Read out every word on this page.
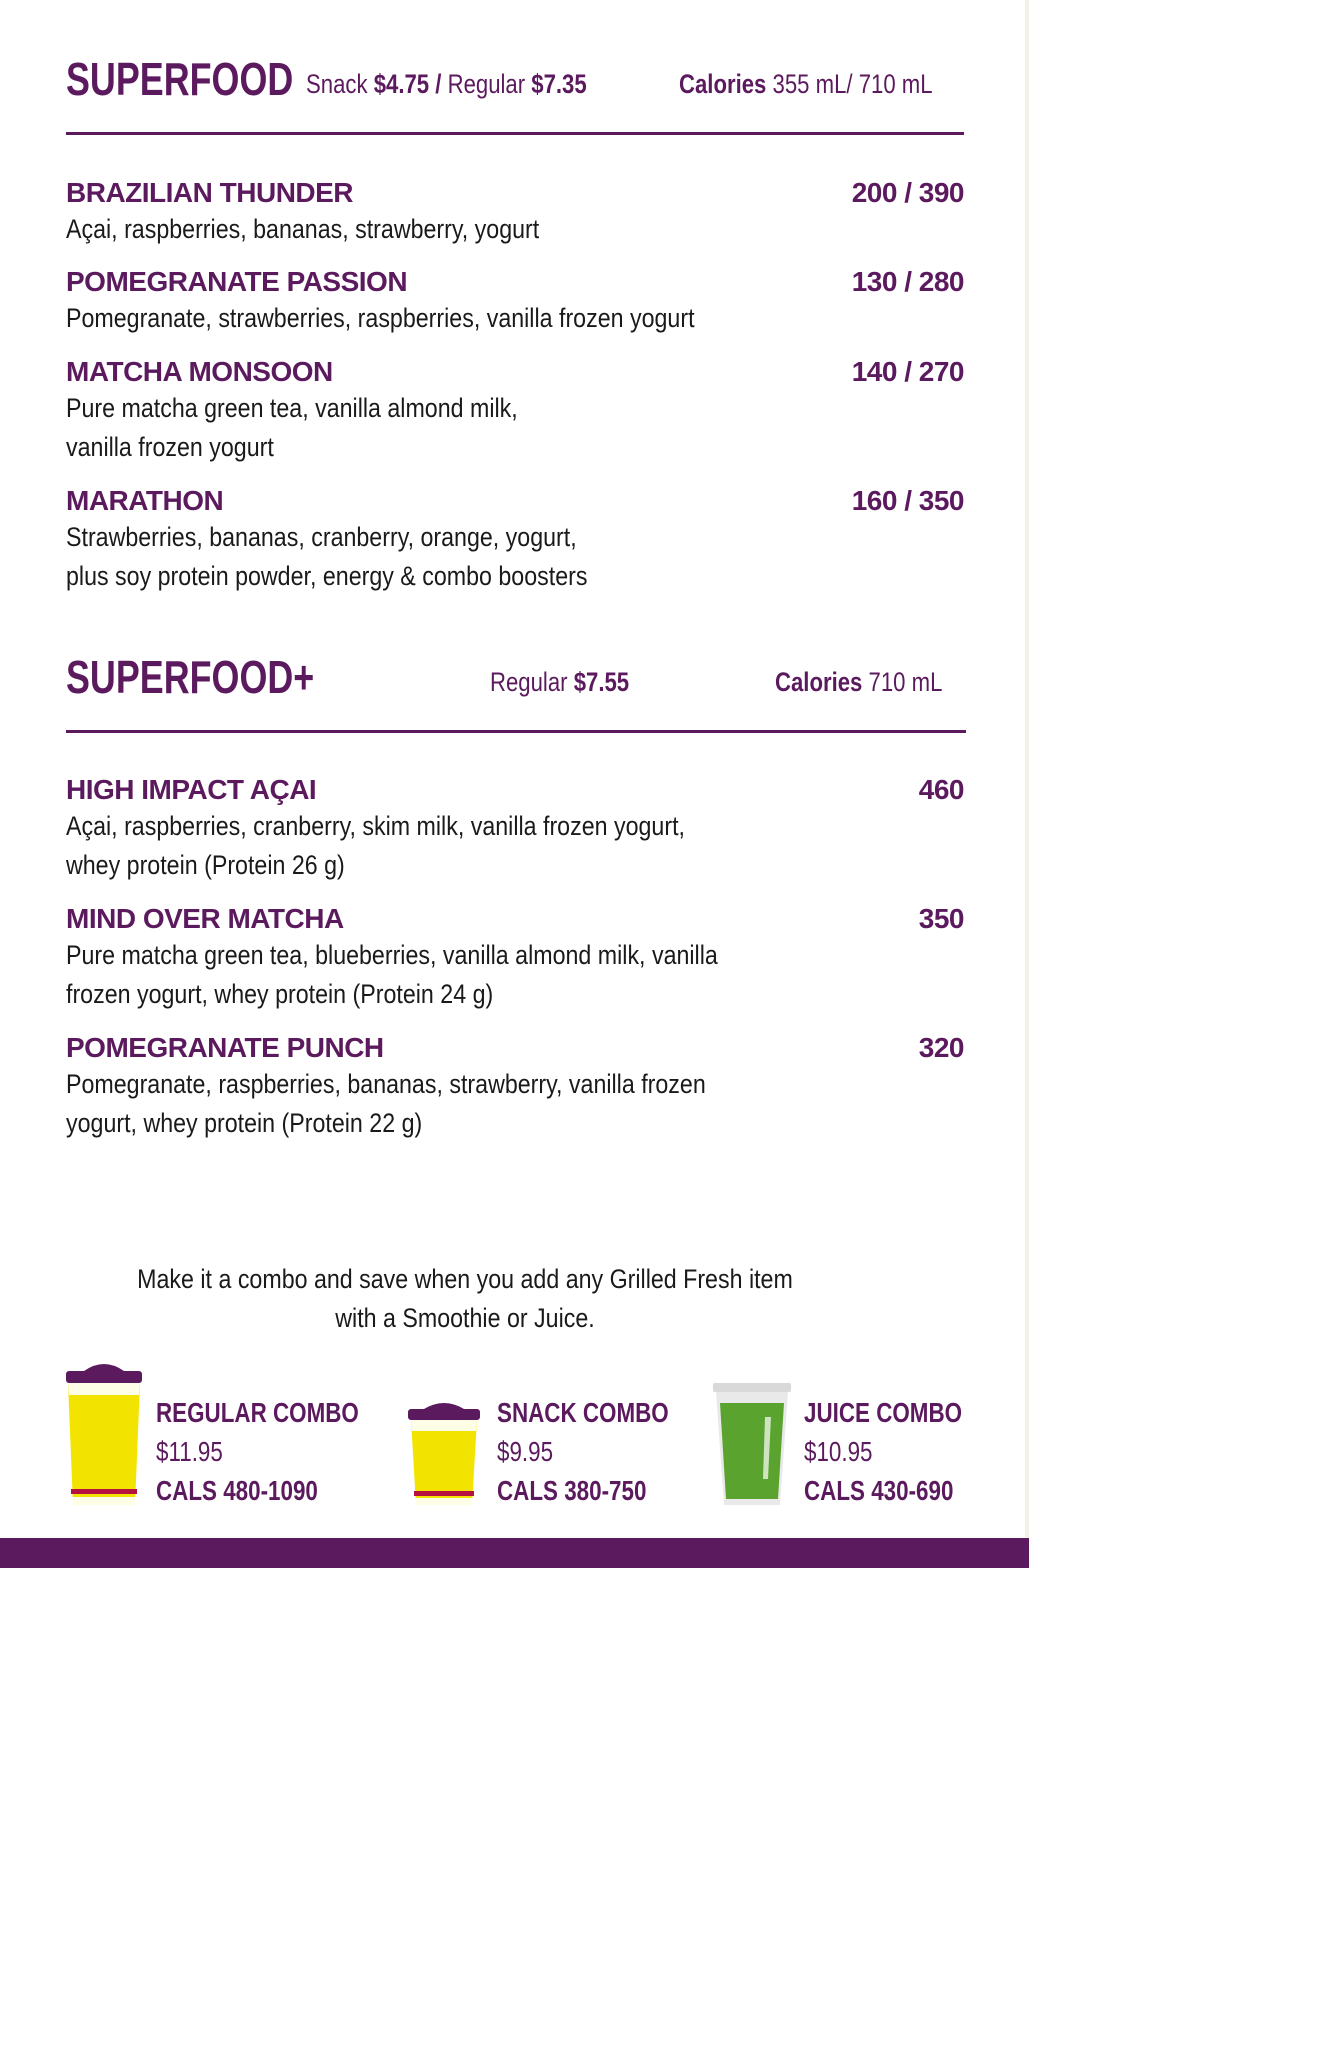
SUPERFOOD Snack $4.75 / Regular $7.35	Calories 355 mL/ 710 mL
BRAZILIAN THUNDER	200 / 390
Açai, raspberries, bananas, strawberry, yogurt
POMEGRANATE PASSION	130 / 280
Pomegranate, strawberries, raspberries, vanilla frozen yogurt
MATCHA MONSOON	140 / 270
Pure matcha green tea, vanilla almond milk,
vanilla frozen yogurt
MARATHON	160 / 350
Strawberries, bananas, cranberry, orange, yogurt,
plus soy protein powder, energy & combo boosters
SUPERFOOD+	Regular $7.55	Calories 710 mL
HIGH IMPACT AÇAI	460
Açai, raspberries, cranberry, skim milk, vanilla frozen yogurt,
whey protein (Protein 26 g)
MIND OVER MATCHA	350
Pure matcha green tea, blueberries, vanilla almond milk, vanilla
frozen yogurt, whey protein (Protein 24 g)
POMEGRANATE PUNCH	320
Pomegranate, raspberries, bananas, strawberry, vanilla frozen
yogurt, whey protein (Protein 22 g)
Make it a combo and save when you add any Grilled Fresh item
with a Smoothie or Juice.
REGULAR COMBO
$11.95
CALS 480-1090
SNACK COMBO
$9.95
CALS 380-750
JUICE COMBO
$10.95
CALS 430-690
